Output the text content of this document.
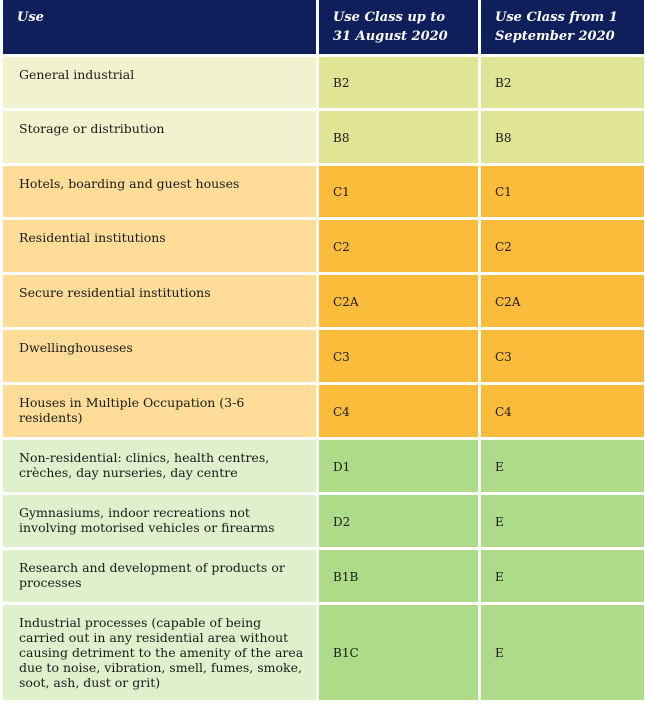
Use	Use Class up to 31 August 2020	Use Class from 1 September 2020
General industrial	B2	B2
Storage or distribution	B8	B8
Hotels, boarding and guest houses	C1	C1
Residential institutions	C2	C2
Secure residential institutions	C2A	C2A
Dwellinghouseses	C3	C3
Houses in Multiple Occupation (3-6 residents)	C4	C4
Non-residential: clinics, health centres, crèches, day nurseries, day centre	D1	E
Gymnasiums, indoor recreations not involving motorised vehicles or firearms	D2	E
Research and development of products or processes	B1B	E
Industrial processes (capable of being carried out in any residential area without causing detriment to the amenity of the area due to noise, vibration, smell, fumes, smoke, soot, ash, dust or grit)	B1C	E
